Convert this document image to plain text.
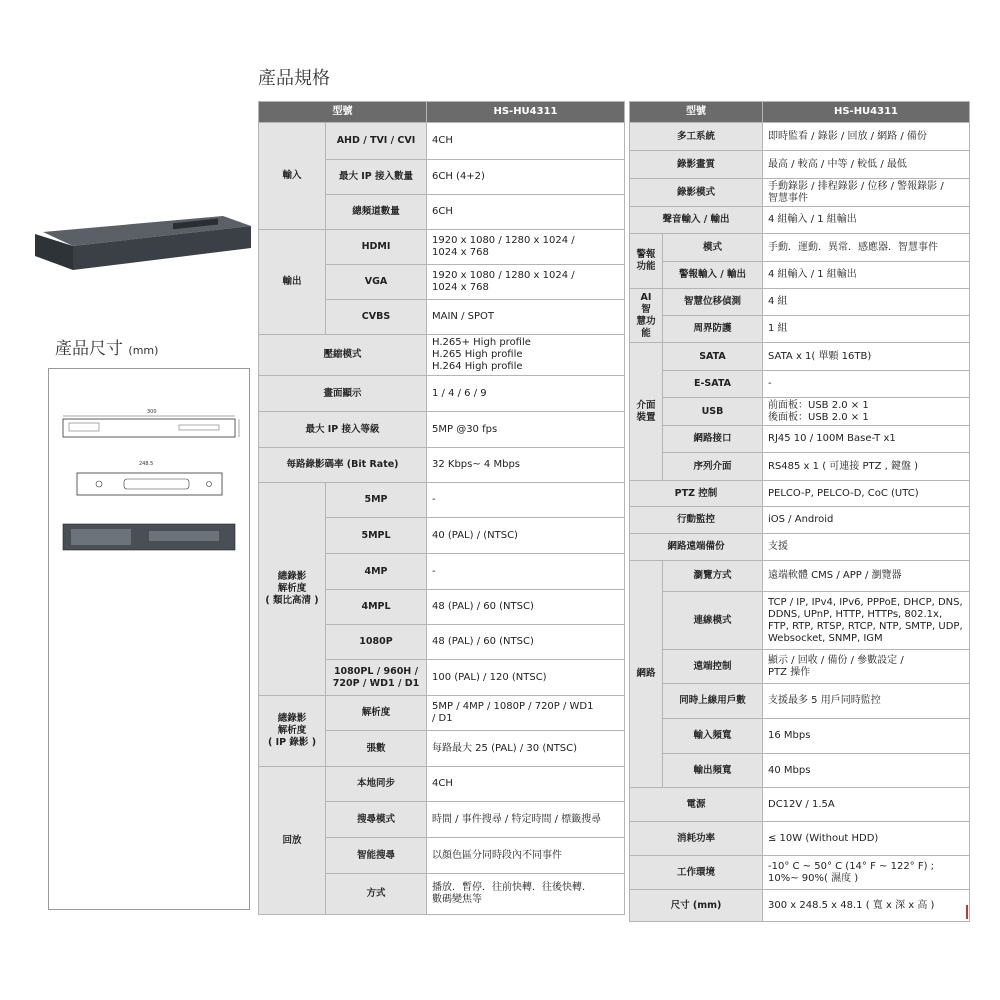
產品規格
產品尺寸 (mm)
300
248.5
型號		HS-HU4311
輸入	AHD / TVI / CVI	4CH
	最大 IP 接入數量	6CH (4+2)
	總頻道數量	6CH
輸出	HDMI	1920 x 1080 / 1280 x 1024 /
1024 x 768
	VGA	1920 x 1080 / 1280 x 1024 /
1024 x 768
	CVBS	MAIN / SPOT
壓縮模式		H.265+ High profile
H.265 High profile
H.264 High profile
畫面顯示		1 / 4 / 6 / 9
最大 IP 接入等級		5MP @30 fps
每路錄影碼率 (Bit Rate)		32 Kbps~ 4 Mbps
總錄影
解析度
( 類比高清 )	5MP	-
	5MPL	40 (PAL) / (NTSC)
	4MP	-
	4MPL	48 (PAL) / 60 (NTSC)
	1080P	48 (PAL) / 60 (NTSC)
	1080PL / 960H /
720P / WD1 / D1	100 (PAL) / 120 (NTSC)
總錄影
解析度
( IP 錄影 )	解析度	5MP / 4MP / 1080P / 720P / WD1
/ D1
	張數	每路最大 25 (PAL) / 30 (NTSC)
回放	本地同步	4CH
	搜尋模式	時間 / 事件搜尋 / 特定時間 / 標籤搜尋
	智能搜尋	以顏色區分同時段內不同事件
	方式	播放．暫停．往前快轉．往後快轉．
數碼變焦等
型號		HS-HU4311
多工系統		即時監看 / 錄影 / 回放 / 網路 / 備份
錄影畫質		最高 / 較高 / 中等 / 較低 / 最低
錄影模式		手動錄影 / 排程錄影 / 位移 / 警報錄影 /
智慧事件
聲音輸入 / 輸出		4 組輸入 / 1 組輸出
警報
功能	模式	手動．運動．異常．感應器．智慧事件
	警報輸入 / 輸出	4 組輸入 / 1 組輸出
AI 智
慧功
能	智慧位移偵測	4 組
	周界防護	1 組
介面
裝置	SATA	SATA x 1( 單顆 16TB)
	E-SATA	-
	USB	前面板：USB 2.0 × 1
後面板：USB 2.0 × 1
	網路接口	RJ45 10 / 100M Base-T x1
	序列介面	RS485 x 1 ( 可連接 PTZ , 鍵盤 )
PTZ 控制		PELCO-P, PELCO-D, CoC (UTC)
行動監控		iOS / Android
網路遠端備份		支援
網路	瀏覽方式	遠端軟體 CMS / APP / 瀏覽器
	連線模式	TCP / IP, IPv4, IPv6, PPPoE, DHCP, DNS,
DDNS, UPnP, HTTP, HTTPs, 802.1x,
FTP, RTP, RTSP, RTCP, NTP, SMTP, UDP,
Websocket, SNMP, IGM
	遠端控制	顯示 / 回收 / 備份 / 參數設定 /
PTZ 操作
	同時上線用戶數	支援最多 5 用戶同時監控
	輸入頻寬	16 Mbps
	輸出頻寬	40 Mbps
電源		DC12V / 1.5A
消耗功率		≤ 10W (Without HDD)
工作環境		-10° C ~ 50° C (14° F ~ 122° F) ;
10%~ 90%( 濕度 )
尺寸 (mm)		300 x 248.5 x 48.1 ( 寬 x 深 x 高 )
